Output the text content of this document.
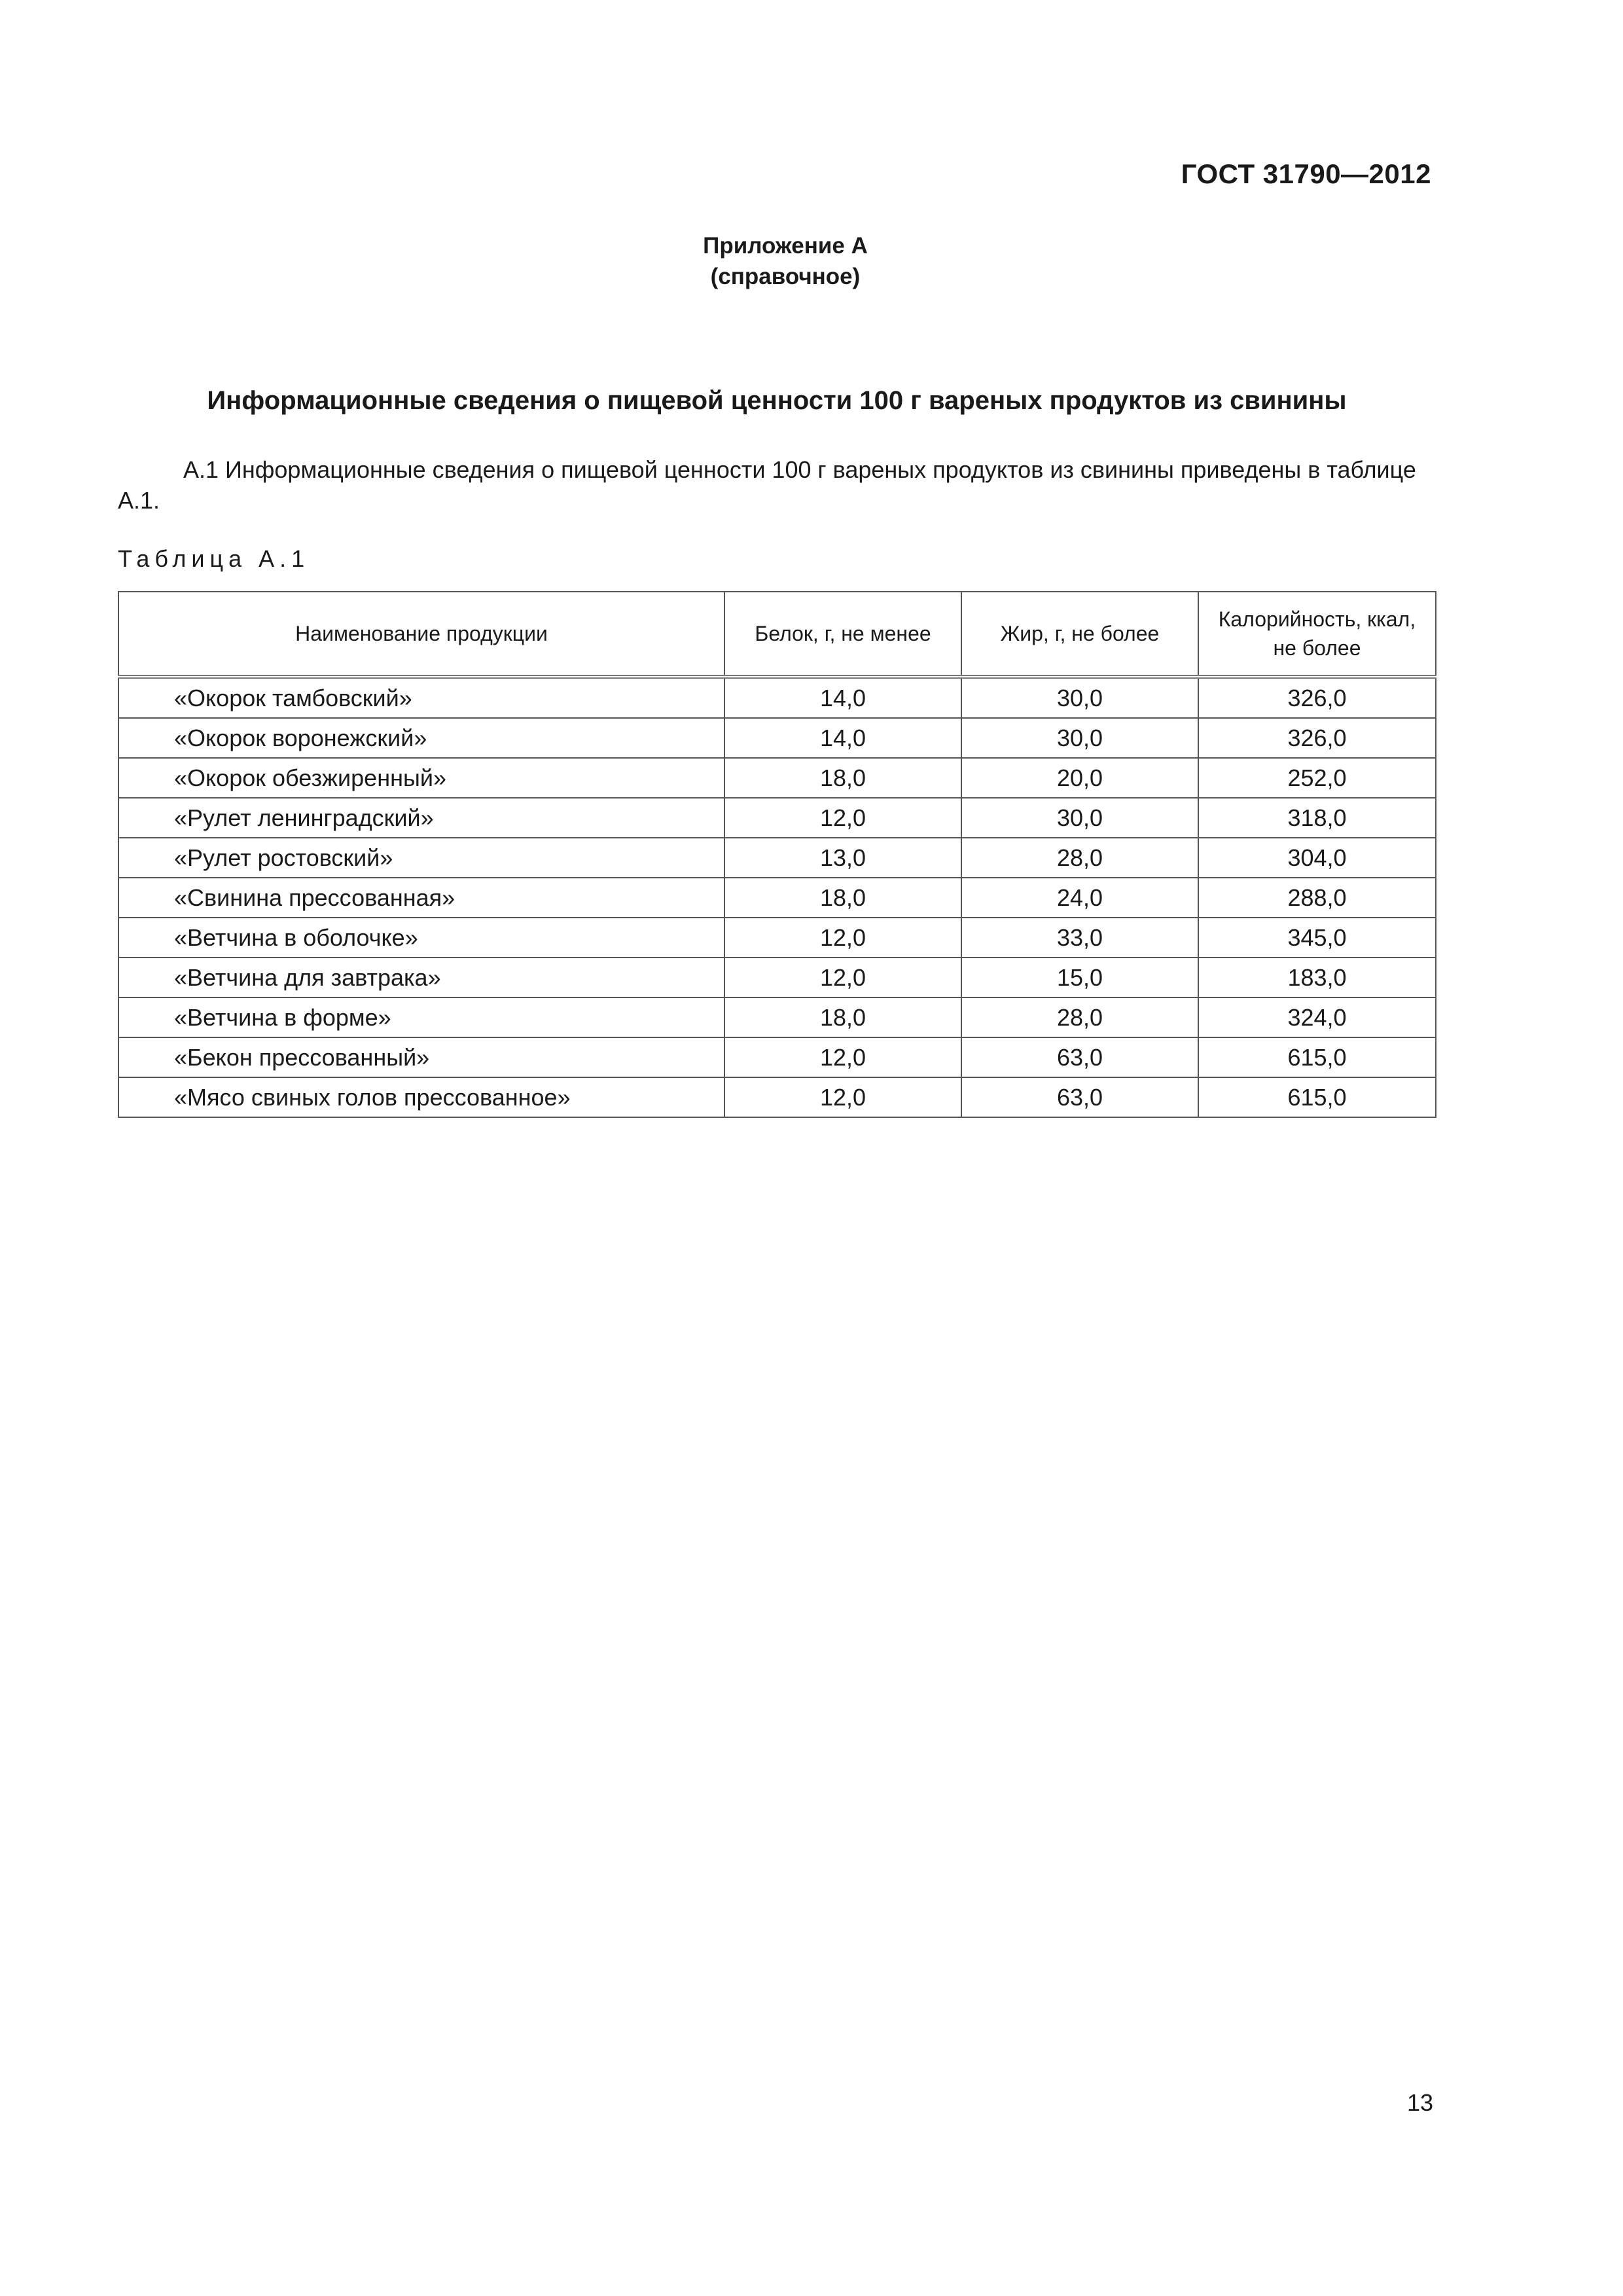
ГОСТ 31790—2012
Приложение А
(справочное)
Информационные сведения о пищевой ценности 100 г вареных продуктов из свинины
А.1 Информационные сведения о пищевой ценности 100 г вареных продуктов из свинины приведены в таблице А.1.
Таблица А.1
Наименование продукции	Белок, г, не менее	Жир, г, не более	Калорийность, ккал, не более
«Окорок тамбовский»	14,0	30,0	326,0
«Окорок воронежский»	14,0	30,0	326,0
«Окорок обезжиренный»	18,0	20,0	252,0
«Рулет ленинградский»	12,0	30,0	318,0
«Рулет ростовский»	13,0	28,0	304,0
«Свинина прессованная»	18,0	24,0	288,0
«Ветчина в оболочке»	12,0	33,0	345,0
«Ветчина для завтрака»	12,0	15,0	183,0
«Ветчина в форме»	18,0	28,0	324,0
«Бекон прессованный»	12,0	63,0	615,0
«Мясо свиных голов прессованное»	12,0	63,0	615,0
13
